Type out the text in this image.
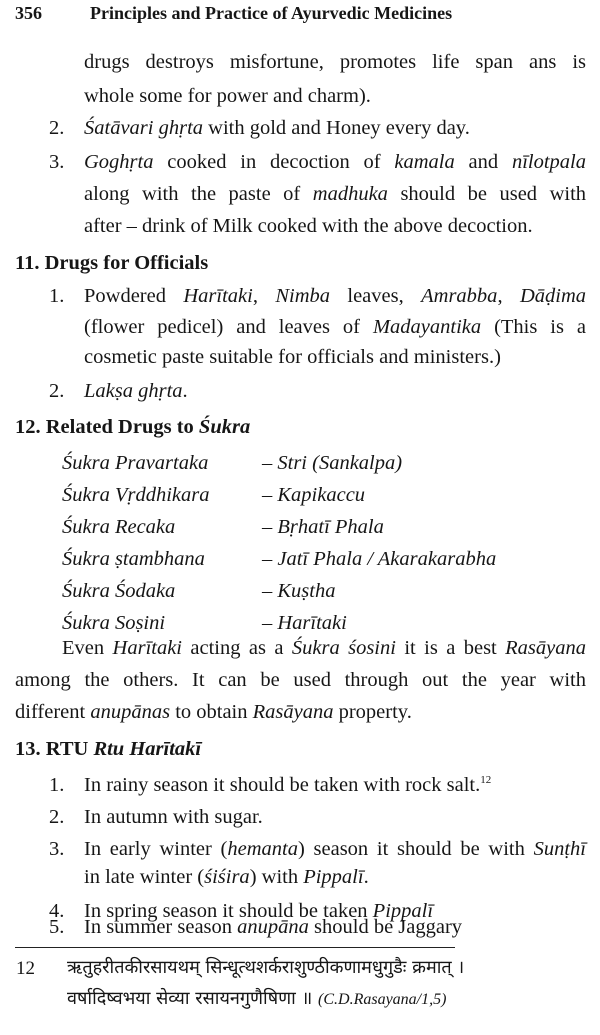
356	Principles and Practice of Ayurvedic Medicines
drugs destroys misfortune, promotes life span ans is
whole some for power and charm).
2. Śatāvari ghṛta with gold and Honey every day.
3. Goghṛta cooked in decoction of kamala and nīlotpala
along with the paste of madhuka should be used with
after – drink of Milk cooked with the above decoction.
11. Drugs for Officials
1. Powdered Harītaki, Nimba leaves, Amrabba, Dāḍima
(flower pedicel) and leaves of Madayantika (This is a
cosmetic paste suitable for officials and ministers.)
2. Lakṣa ghṛta.
12. Related Drugs to Śukra
Śukra Pravartaka	– Stri (Sankalpa)
Śukra Vṛddhikara	– Kapikaccu
Śukra Recaka	– Bṛhatī Phala
Śukra ṣtambhana	– Jatī Phala / Akarakarabha
Śukra Śodaka	– Kuṣtha
Śukra Soṣini	– Harītaki
Even Harītaki acting as a Śukra śosini it is a best Rasāyana
among the others. It can be used through out the year with
different anupānas to obtain Rasāyana property.
13. RTU Rtu Harītakī
1. In rainy season it should be taken with rock salt.$^{12}$
2. In autumn with sugar.
3. In early winter (hemanta) season it should be with Sunṭhī
in late winter (śiśira) with Pippalī.
4. In spring season it should be taken Pippalī
5. In summer season anupāna should be Jaggary
12 ऋतुहरीतकीरसायथम् सिन्धूत्थशर्कराशुण्ठीकणामधुगुडैः क्रमात् ।
वर्षादिष्वभया सेव्या रसायनगुणैषिणा ॥ (C.D.Rasayana/1,5)
